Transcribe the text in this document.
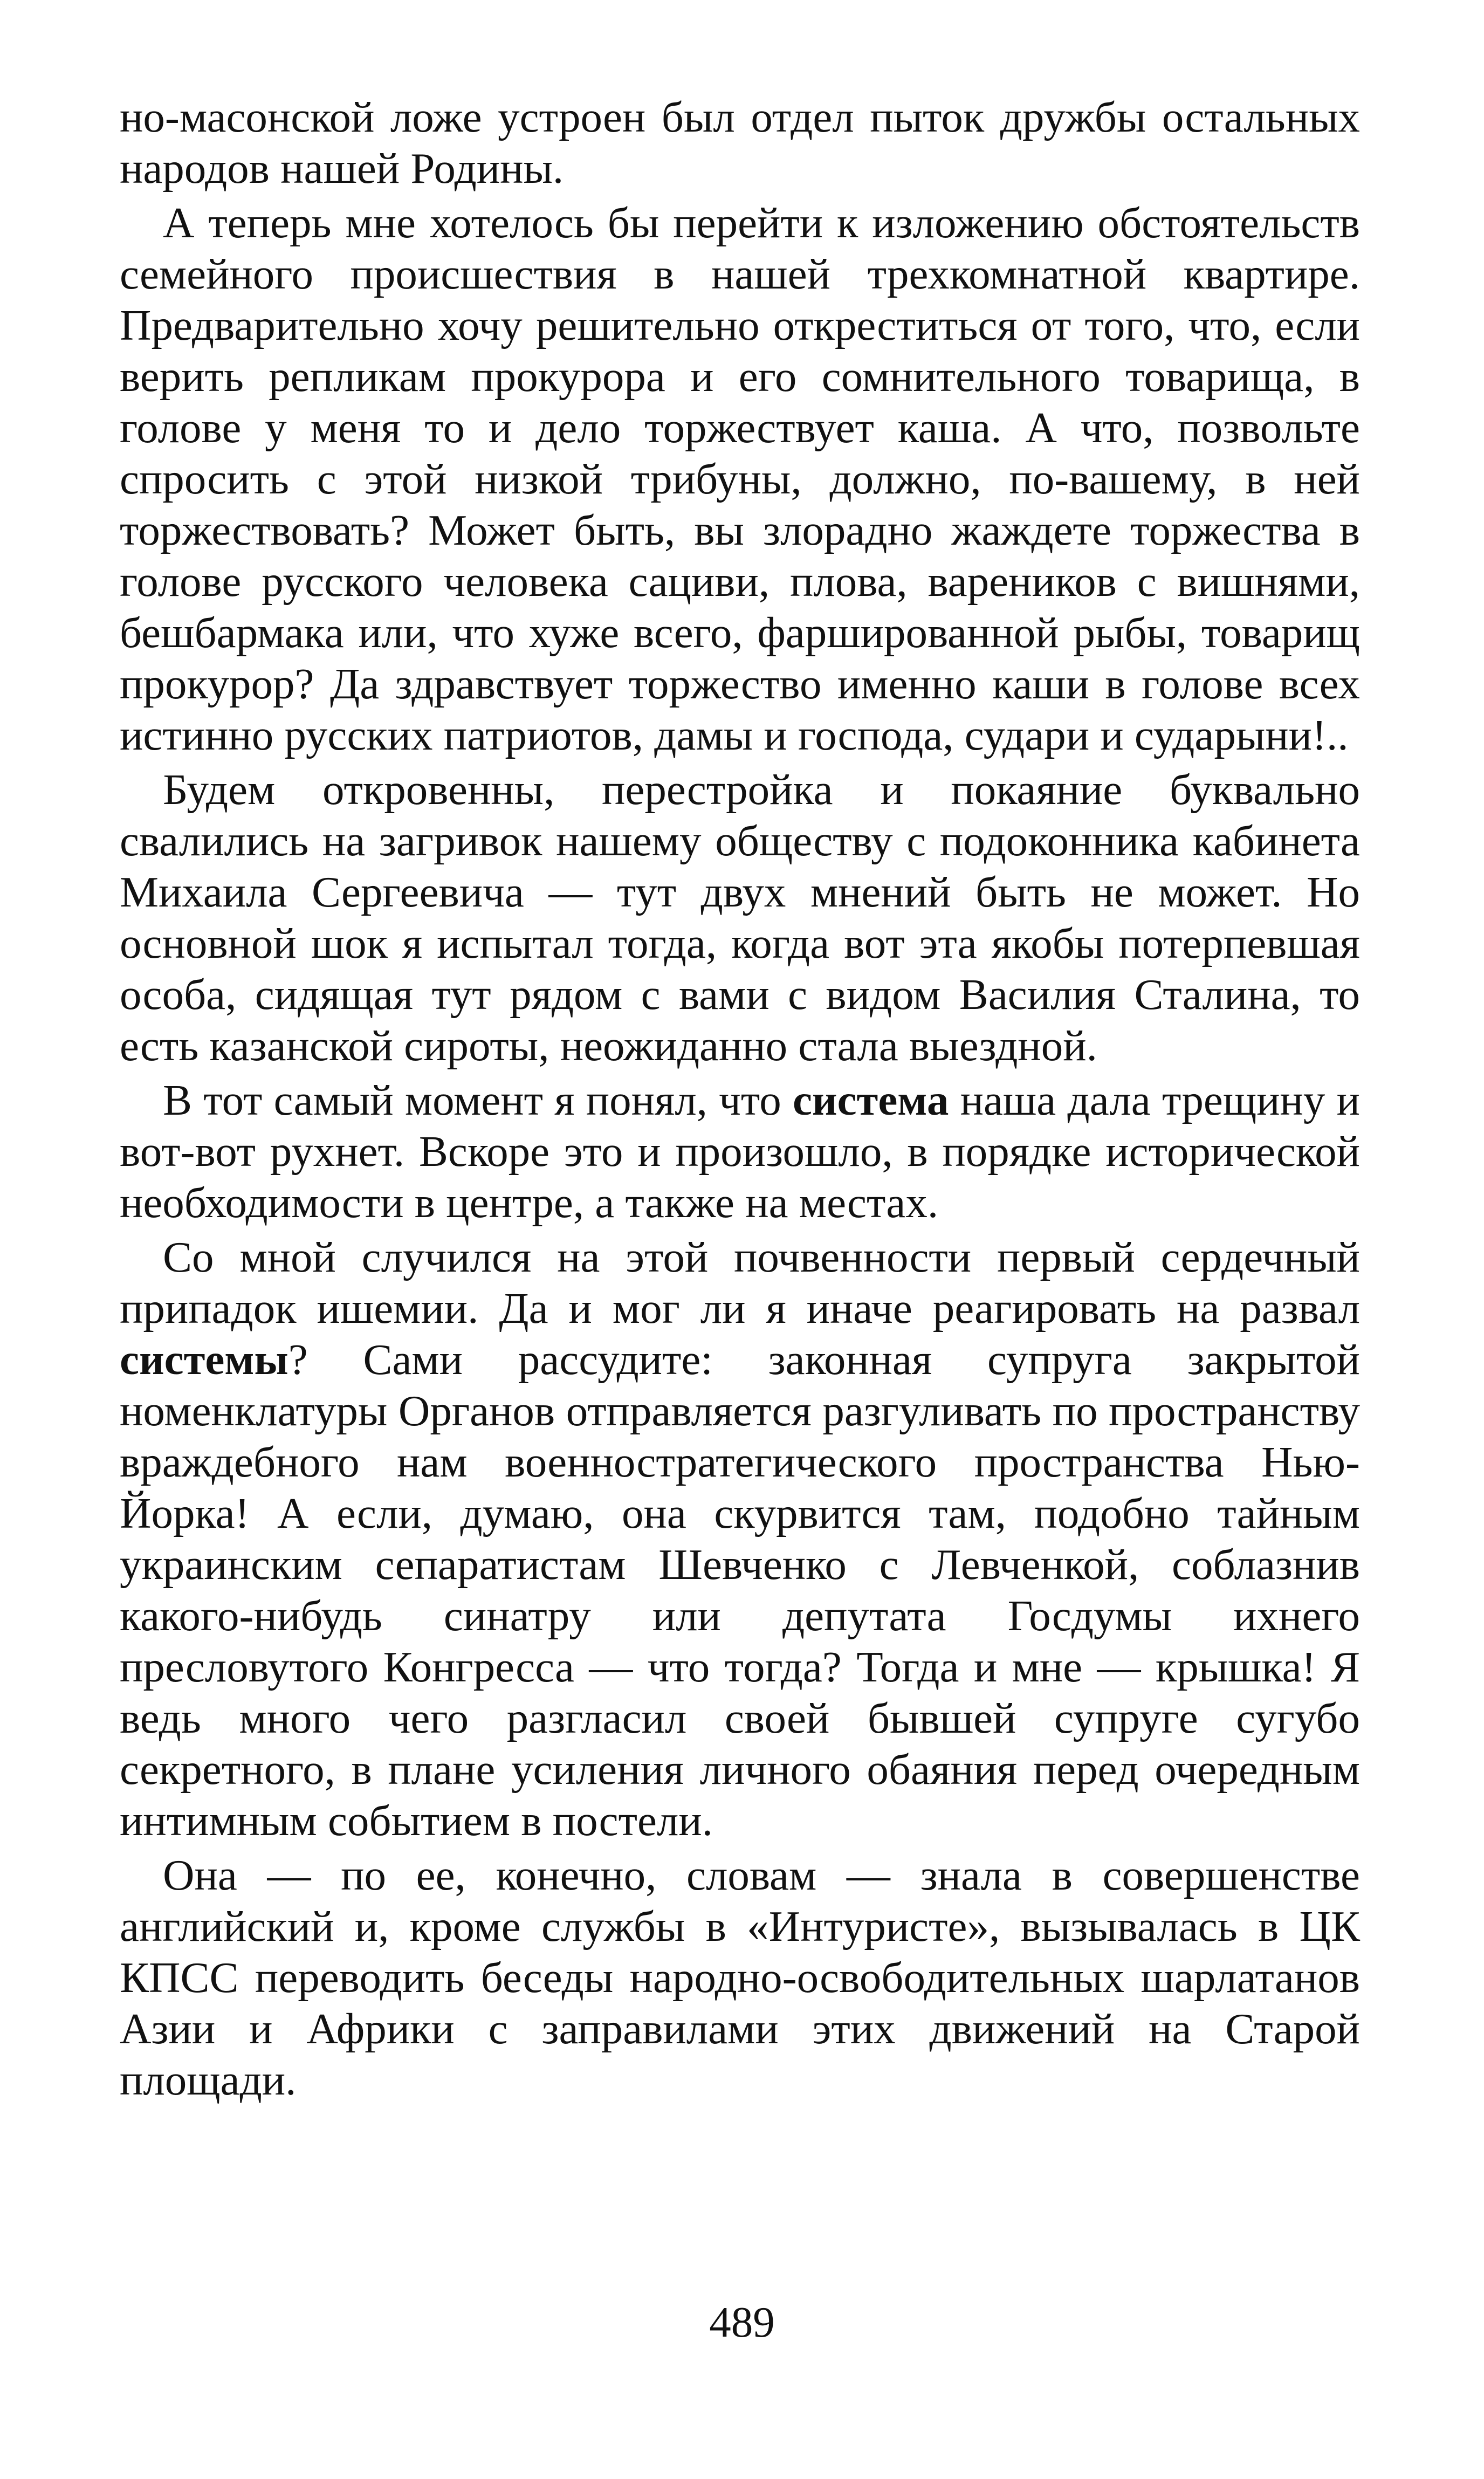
но-масонской ложе устроен был отдел пыток дружбы остальных народов нашей Родины.

А теперь мне хотелось бы перейти к изложению обстоятельств семейного происшествия в нашей трехкомнатной квартире. Предварительно хочу решительно откреститься от того, что, если верить репликам прокурора и его сомнительного товарища, в голове у меня то и дело торжествует каша. А что, позвольте спросить с этой низкой трибуны, должно, по-вашему, в ней торжествовать? Может быть, вы злорадно жаждете торжества в голове русского человека сациви, плова, вареников с вишнями, бешбармака или, что хуже всего, фаршированной рыбы, товарищ прокурор? Да здравствует торжество именно каши в голове всех истинно русских патриотов, дамы и господа, судари и сударыни!..

Будем откровенны, перестройка и покаяние буквально свалились на загривок нашему обществу с подоконника кабинета Михаила Сергеевича — тут двух мнений быть не может. Но основной шок я испытал тогда, когда вот эта якобы потерпевшая особа, сидящая тут рядом с вами с видом Василия Сталина, то есть казанской сироты, неожиданно стала выездной.

В тот самый момент я понял, что система наша дала трещину и вот-вот рухнет. Вскоре это и произошло, в порядке исторической необходимости в центре, а также на местах.

Со мной случился на этой почвенности первый сердечный припадок ишемии. Да и мог ли я иначе реагировать на развал системы? Сами рассудите: законная супруга закрытой номенклатуры Органов отправляется разгуливать по пространству враждебного нам военностратегического пространства Нью-Йорка! А если, думаю, она скурвится там, подобно тайным украинским сепаратистам Шевченко с Левченкой, соблазнив какого-нибудь синатру или депутата Госдумы ихнего пресловутого Конгресса — что тогда? Тогда и мне — крышка! Я ведь много чего разгласил своей бывшей супруге сугубо секретного, в плане усиления личного обаяния перед очередным интимным событием в постели.

Она — по ее, конечно, словам — знала в совершенстве английский и, кроме службы в «Интуристе», вызывалась в ЦК КПСС переводить беседы народно-освободительных шарлатанов Азии и Африки с заправилами этих движений на Старой площади.

489
